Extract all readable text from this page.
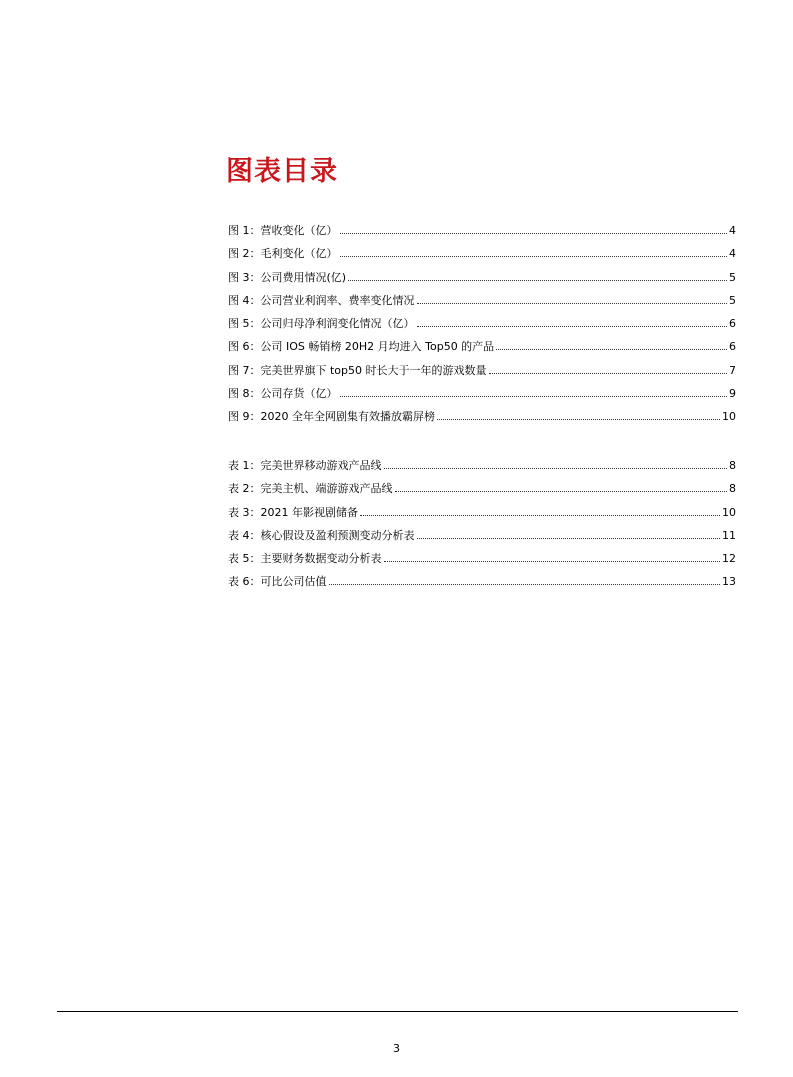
图表目录
图 1：营收变化（亿）	4
图 2：毛利变化（亿）	4
图 3：公司费用情况(亿)	5
图 4：公司营业利润率、费率变化情况	5
图 5：公司归母净利润变化情况（亿）	6
图 6：公司 IOS 畅销榜 20H2 月均进入 Top50 的产品	6
图 7：完美世界旗下 top50 时长大于一年的游戏数量	7
图 8：公司存货（亿）	9
图 9：2020 全年全网剧集有效播放霸屏榜	10
表 1：完美世界移动游戏产品线	8
表 2：完美主机、端游游戏产品线	8
表 3：2021 年影视剧储备	10
表 4：核心假设及盈利预测变动分析表	11
表 5：主要财务数据变动分析表	12
表 6：可比公司估值	13
3
